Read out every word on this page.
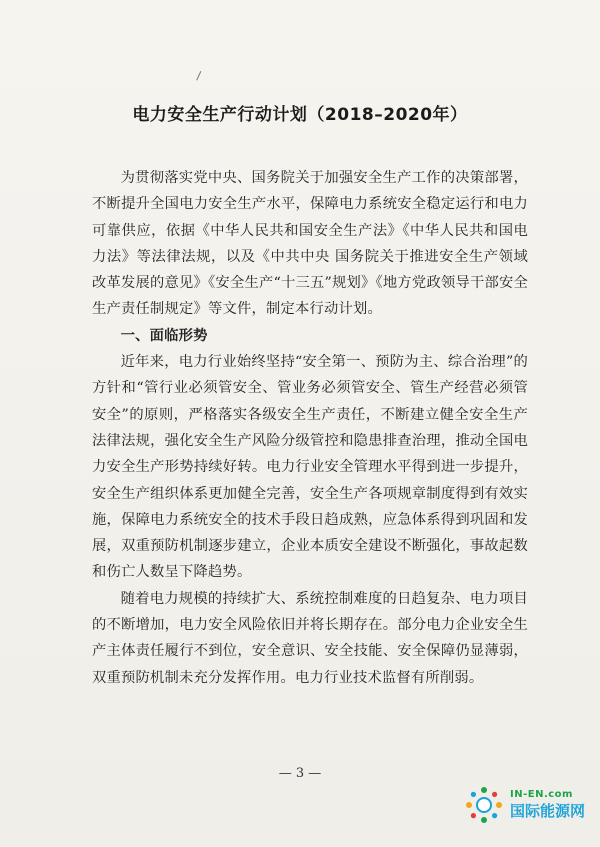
电力安全生产行动计划（2018–2020年）

为贯彻落实党中央、国务院关于加强安全生产工作的决策部署，不断提升全国电力安全生产水平，保障电力系统安全稳定运行和电力可靠供应，依据《中华人民共和国安全生产法》《中华人民共和国电力法》等法律法规，以及《中共中央 国务院关于推进安全生产领域改革发展的意见》《安全生产“十三五”规划》《地方党政领导干部安全生产责任制规定》等文件，制定本行动计划。

一、面临形势

近年来，电力行业始终坚持“安全第一、预防为主、综合治理”的方针和“管行业必须管安全、管业务必须管安全、管生产经营必须管安全”的原则，严格落实各级安全生产责任，不断建立健全安全生产法律法规，强化安全生产风险分级管控和隐患排查治理，推动全国电力安全生产形势持续好转。电力行业安全管理水平得到进一步提升，安全生产组织体系更加健全完善，安全生产各项规章制度得到有效实施，保障电力系统安全的技术手段日趋成熟，应急体系得到巩固和发展，双重预防机制逐步建立，企业本质安全建设不断强化，事故起数和伤亡人数呈下降趋势。

随着电力规模的持续扩大、系统控制难度的日趋复杂、电力项目的不断增加，电力安全风险依旧并将长期存在。部分电力企业安全生产主体责任履行不到位，安全意识、安全技能、安全保障仍显薄弱，双重预防机制未充分发挥作用。电力行业技术监督有所削弱。

— 3 —
IN-EN.com
国际能源网
